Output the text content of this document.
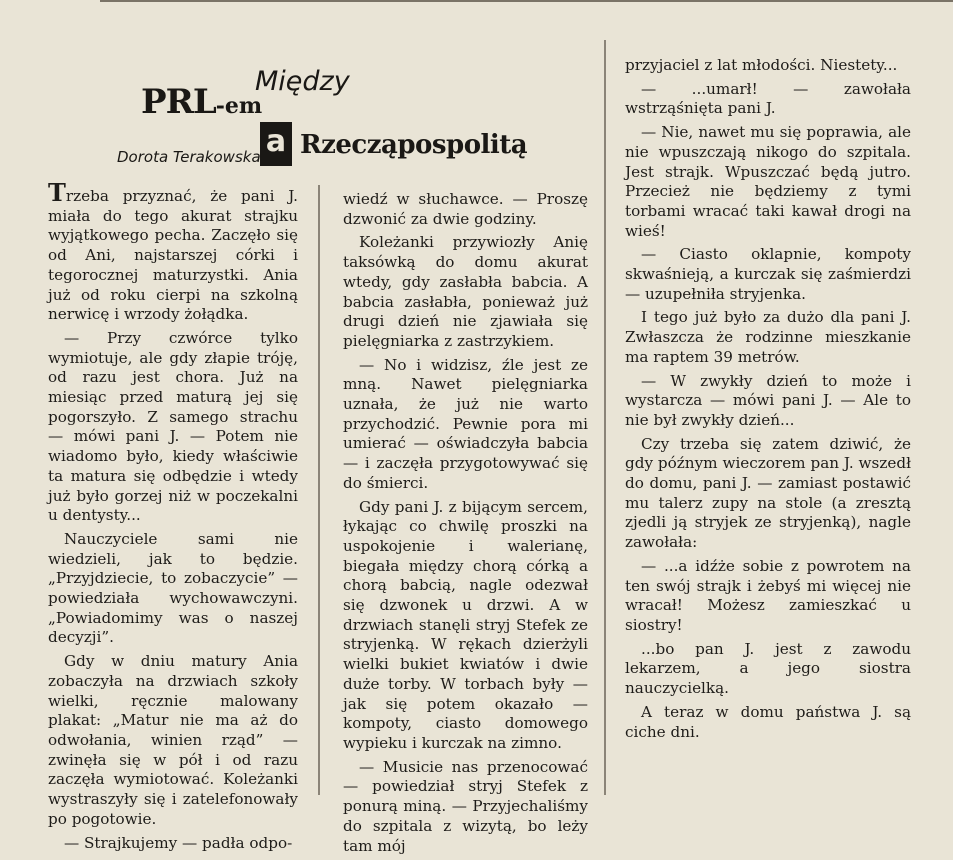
PRL-em
Między
a Rzecząpospolitą
Dorota Terakowska

Trzeba przyznać, że pani J. miała do tego akurat strajku wyjątkowego pecha. Zaczęło się od Ani, najstarszej córki i tegorocznej maturzystki. Ania już od roku cierpi na szkolną nerwicę i wrzody żołądka.

— Przy czwórce tylko wymiotuje, ale gdy złapie tróję, od razu jest chora. Już na miesiąc przed maturą jej się pogorszyło. Z samego strachu — mówi pani J. — Potem nie wiadomo było, kiedy właściwie ta matura się odbędzie i wtedy już było gorzej niż w poczekalni u dentysty...

Nauczyciele sami nie wiedzieli, jak to będzie. „Przyjdziecie, to zobaczycie” — powiedziała wychowawczyni. „Powiadomimy was o naszej decyzji”.

Gdy w dniu matury Ania zobaczyła na drzwiach szkoły wielki, ręcznie malowany plakat: „Matur nie ma aż do odwołania, winien rząd” — zwinęła się w pół i od razu zaczęła wymiotować. Koleżanki wystraszyły się i zatelefonowały po pogotowie.

— Strajkujemy — padła odpo-

wiedź w słuchawce. — Proszę dzwonić za dwie godziny.

Koleżanki przywiozły Anię taksówką do domu akurat wtedy, gdy zasłabła babcia. A babcia zasłabła, ponieważ już drugi dzień nie zjawiała się pielęgniarka z zastrzykiem.

— No i widzisz, źle jest ze mną. Nawet pielęgniarka uznała, że już nie warto przychodzić. Pewnie pora mi umierać — oświadczyła babcia — i zaczęła przygotowywać się do śmierci.

Gdy pani J. z bijącym sercem, łykając co chwilę proszki na uspokojenie i walerianę, biegała między chorą córką a chorą babcią, nagle odezwał się dzwonek u drzwi. A w drzwiach stanęli stryj Stefek ze stryjenką. W rękach dzierżyli wielki bukiet kwiatów i dwie duże torby. W torbach były — jak się potem okazało — kompoty, ciasto domowego wypieku i kurczak na zimno.

— Musicie nas przenocować — powiedział stryj Stefek z ponurą miną. — Przyjechaliśmy do szpitala z wizytą, bo leży tam mój

przyjaciel z lat młodości. Niestety...

— ...umarł! — zawołała wstrząśnięta pani J.

— Nie, nawet mu się poprawia, ale nie wpuszczają nikogo do szpitala. Jest strajk. Wpuszczać będą jutro. Przecież nie będziemy z tymi torbami wracać taki kawał drogi na wieś!

— Ciasto oklapnie, kompoty skwaśnieją, a kurczak się zaśmierdzi — uzupełniła stryjenka.

I tego już było za dużo dla pani J. Zwłaszcza że rodzinne mieszkanie ma raptem 39 metrów.

— W zwykły dzień to może i wystarcza — mówi pani J. — Ale to nie był zwykły dzień...

Czy trzeba się zatem dziwić, że gdy późnym wieczorem pan J. wszedł do domu, pani J. — zamiast postawić mu talerz zupy na stole (a zresztą zjedli ją stryjek ze stryjenką), nagle zawołała:

— ...a idźże sobie z powrotem na ten swój strajk i żebyś mi więcej nie wracał! Możesz zamieszkać u siostry!

...bo pan J. jest z zawodu lekarzem, a jego siostra nauczycielką.

A teraz w domu państwa J. są ciche dni.
